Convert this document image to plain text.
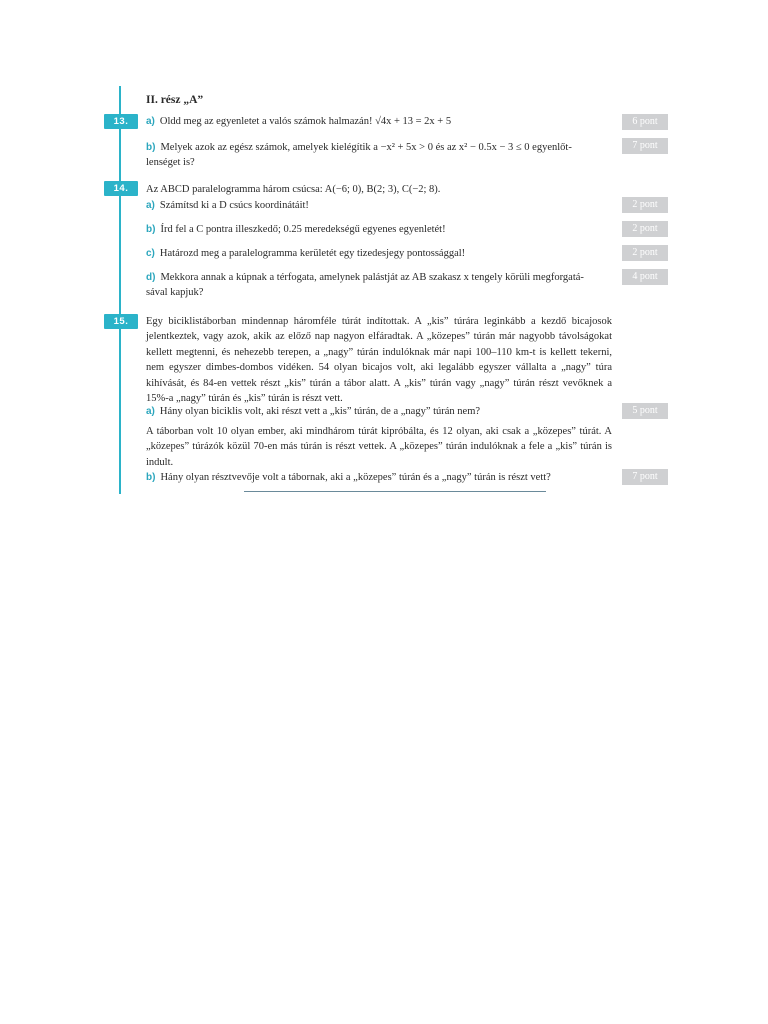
II. rész „A”
13.	a) Oldd meg az egyenletet a valós számok halmazán! √4x + 13 = 2x + 5	6 pont
b) Melyek azok az egész számok, amelyek kielégítik a −x² + 5x > 0 és az x² − 0.5x − 3 ≤ 0 egyenlőt-
lenséget is?
7 pont
14.	Az ABCD paralelogramma három csúcsa: A(−6; 0), B(2; 3), C(−2; 8).
a) Számítsd ki a D csúcs koordinátáit!	2 pont
b) Írd fel a C pontra illeszkedő; 0.25 meredekségű egyenes egyenletét!	2 pont
c) Határozd meg a paralelogramma kerületét egy tizedesjegy pontossággal!	2 pont
d) Mekkora annak a kúpnak a térfogata, amelynek palástját az AB szakasz x tengely körüli megforgatá-
sával kapjuk?
4 pont
15.	Egy biciklistáborban mindennap háromféle túrát indítottak. A „kis” túrára leginkább a kezdő bicajosok jelentkeztek, vagy azok, akik az előző nap nagyon elfáradtak. A „közepes” túrán már nagyobb távolságokat kellett megtenni, és nehezebb terepen, a „nagy” túrán indulóknak már napi 100–110 km-t is kellett tekerni, nem egyszer dimbes-dombos vidéken. 54 olyan bicajos volt, aki legalább egyszer vállalta a „nagy” túra kihívását, és 84-en vettek részt „kis” túrán a tábor alatt. A „kis” túrán vagy „nagy” túrán részt vevőknek a 15%-a „nagy” túrán és „kis” túrán is részt vett.
a) Hány olyan biciklis volt, aki részt vett a „kis” túrán, de a „nagy” túrán nem?	5 pont
A táborban volt 10 olyan ember, aki mindhárom túrát kipróbálta, és 12 olyan, aki csak a „közepes” túrát. A „közepes” túrázók közül 70-en más túrán is részt vettek. A „közepes” túrán indulóknak a fele a „kis” túrán is indult.
b) Hány olyan résztvevője volt a tábornak, aki a „közepes” túrán és a „nagy” túrán is részt vett?	7 pont
